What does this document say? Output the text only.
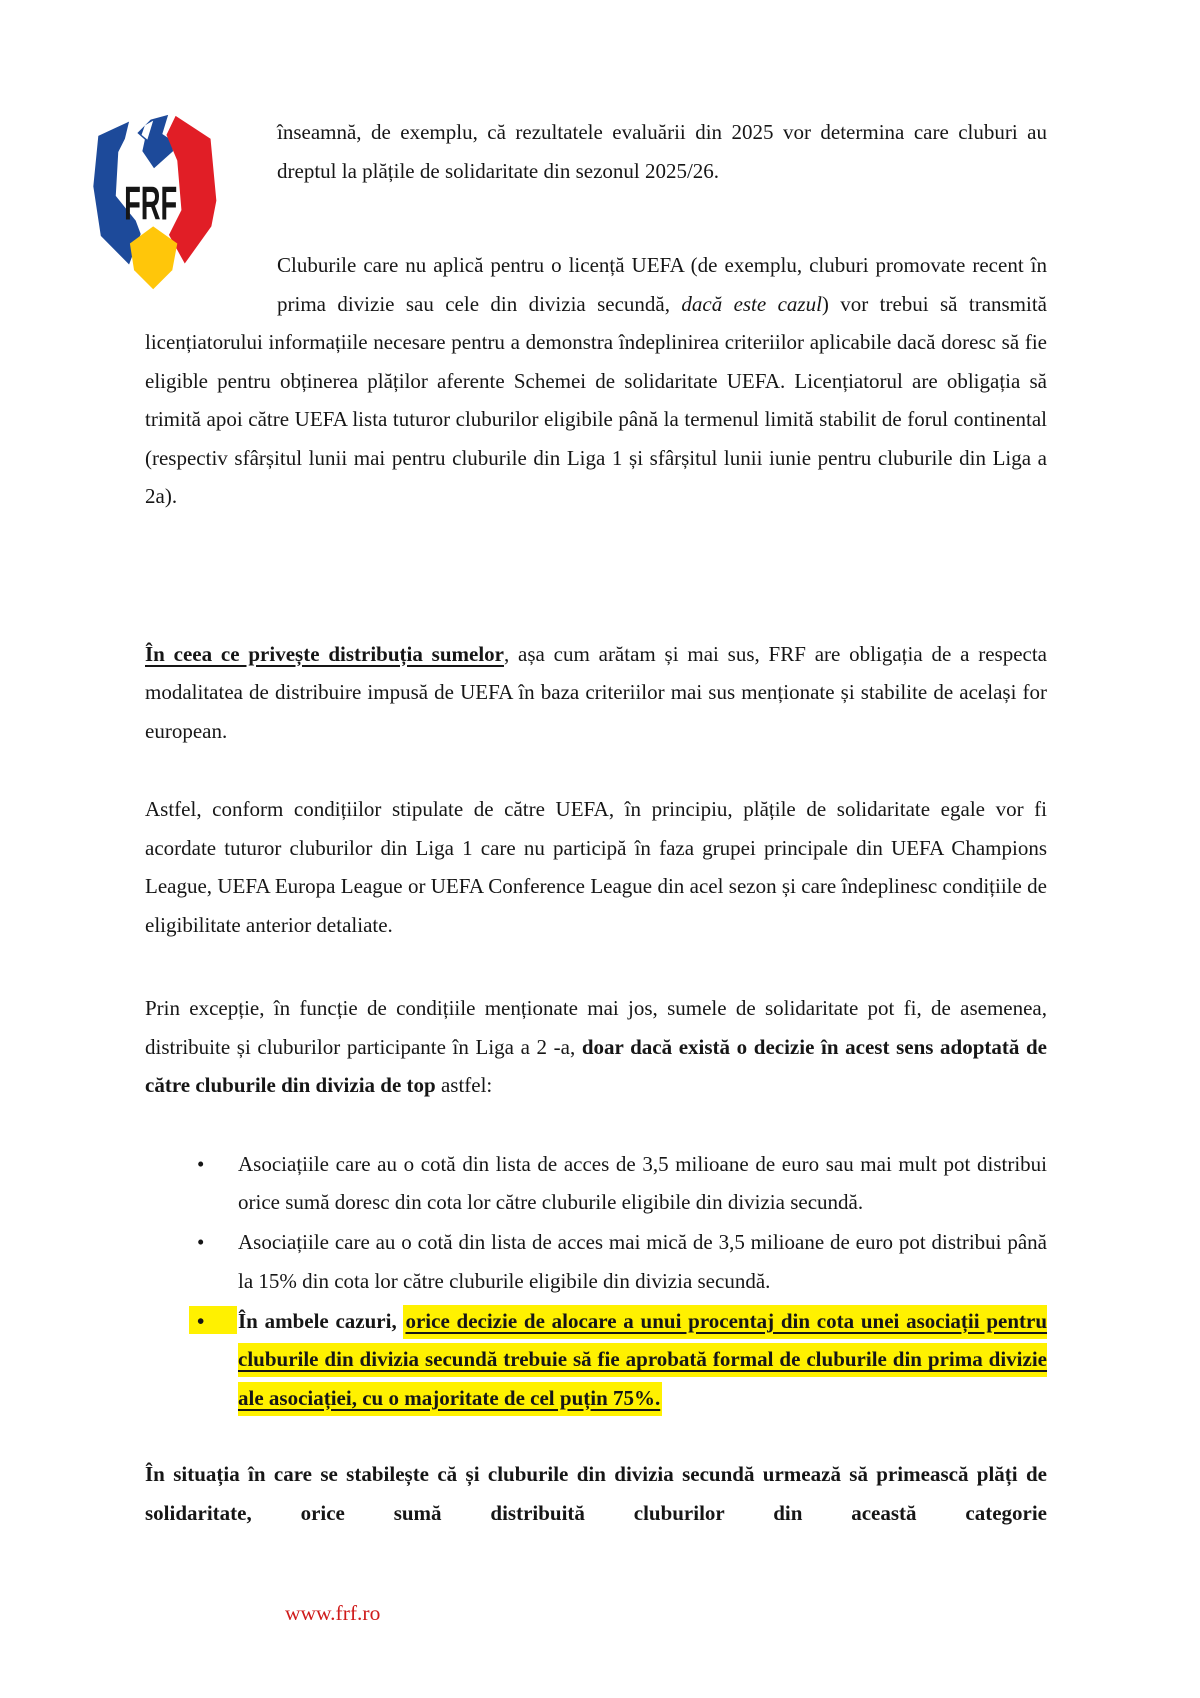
FRF

înseamnă, de exemplu, că rezultatele evaluării din 2025 vor determina care cluburi au dreptul la plățile de solidaritate din sezonul 2025/26.

Cluburile care nu aplică pentru o licență UEFA (de exemplu, cluburi promovate recent în prima divizie sau cele din divizia secundă, dacă este cazul) vor trebui să transmită licențiatorului informațiile necesare pentru a demonstra îndeplinirea criteriilor aplicabile dacă doresc să fie eligible pentru obținerea plăților aferente Schemei de solidaritate UEFA. Licențiatorul are obligația să trimită apoi către UEFA lista tuturor cluburilor eligibile până la termenul limită stabilit de forul continental (respectiv sfârșitul lunii mai pentru cluburile din Liga 1 și sfârșitul lunii iunie pentru cluburile din Liga a 2a).

În ceea ce privește distribuția sumelor, așa cum arătam și mai sus, FRF are obligația de a respecta modalitatea de distribuire impusă de UEFA în baza criteriilor mai sus menționate și stabilite de același for european.

Astfel, conform condițiilor stipulate de către UEFA, în principiu, plățile de solidaritate egale vor fi acordate tuturor cluburilor din Liga 1 care nu participă în faza grupei principale din UEFA Champions League, UEFA Europa League or UEFA Conference League din acel sezon și care îndeplinesc condițiile de eligibilitate anterior detaliate.

Prin excepție, în funcție de condițiile menționate mai jos, sumele de solidaritate pot fi, de asemenea, distribuite și cluburilor participante în Liga a 2 -a, doar dacă există o decizie în acest sens adoptată de către cluburile din divizia de top astfel:

•	Asociațiile care au o cotă din lista de acces de 3,5 milioane de euro sau mai mult pot distribui orice sumă doresc din cota lor către cluburile eligibile din divizia secundă.
•	Asociațiile care au o cotă din lista de acces mai mică de 3,5 milioane de euro pot distribui până la 15% din cota lor către cluburile eligibile din divizia secundă.
•	În ambele cazuri, orice decizie de alocare a unui procentaj din cota unei asociații pentru cluburile din divizia secundă trebuie să fie aprobată formal de cluburile din prima divizie ale asociației, cu o majoritate de cel puțin 75%.

În situația în care se stabilește că și cluburile din divizia secundă urmează să primească plăți de solidaritate, orice sumă distribuită cluburilor din această categorie

www.frf.ro
